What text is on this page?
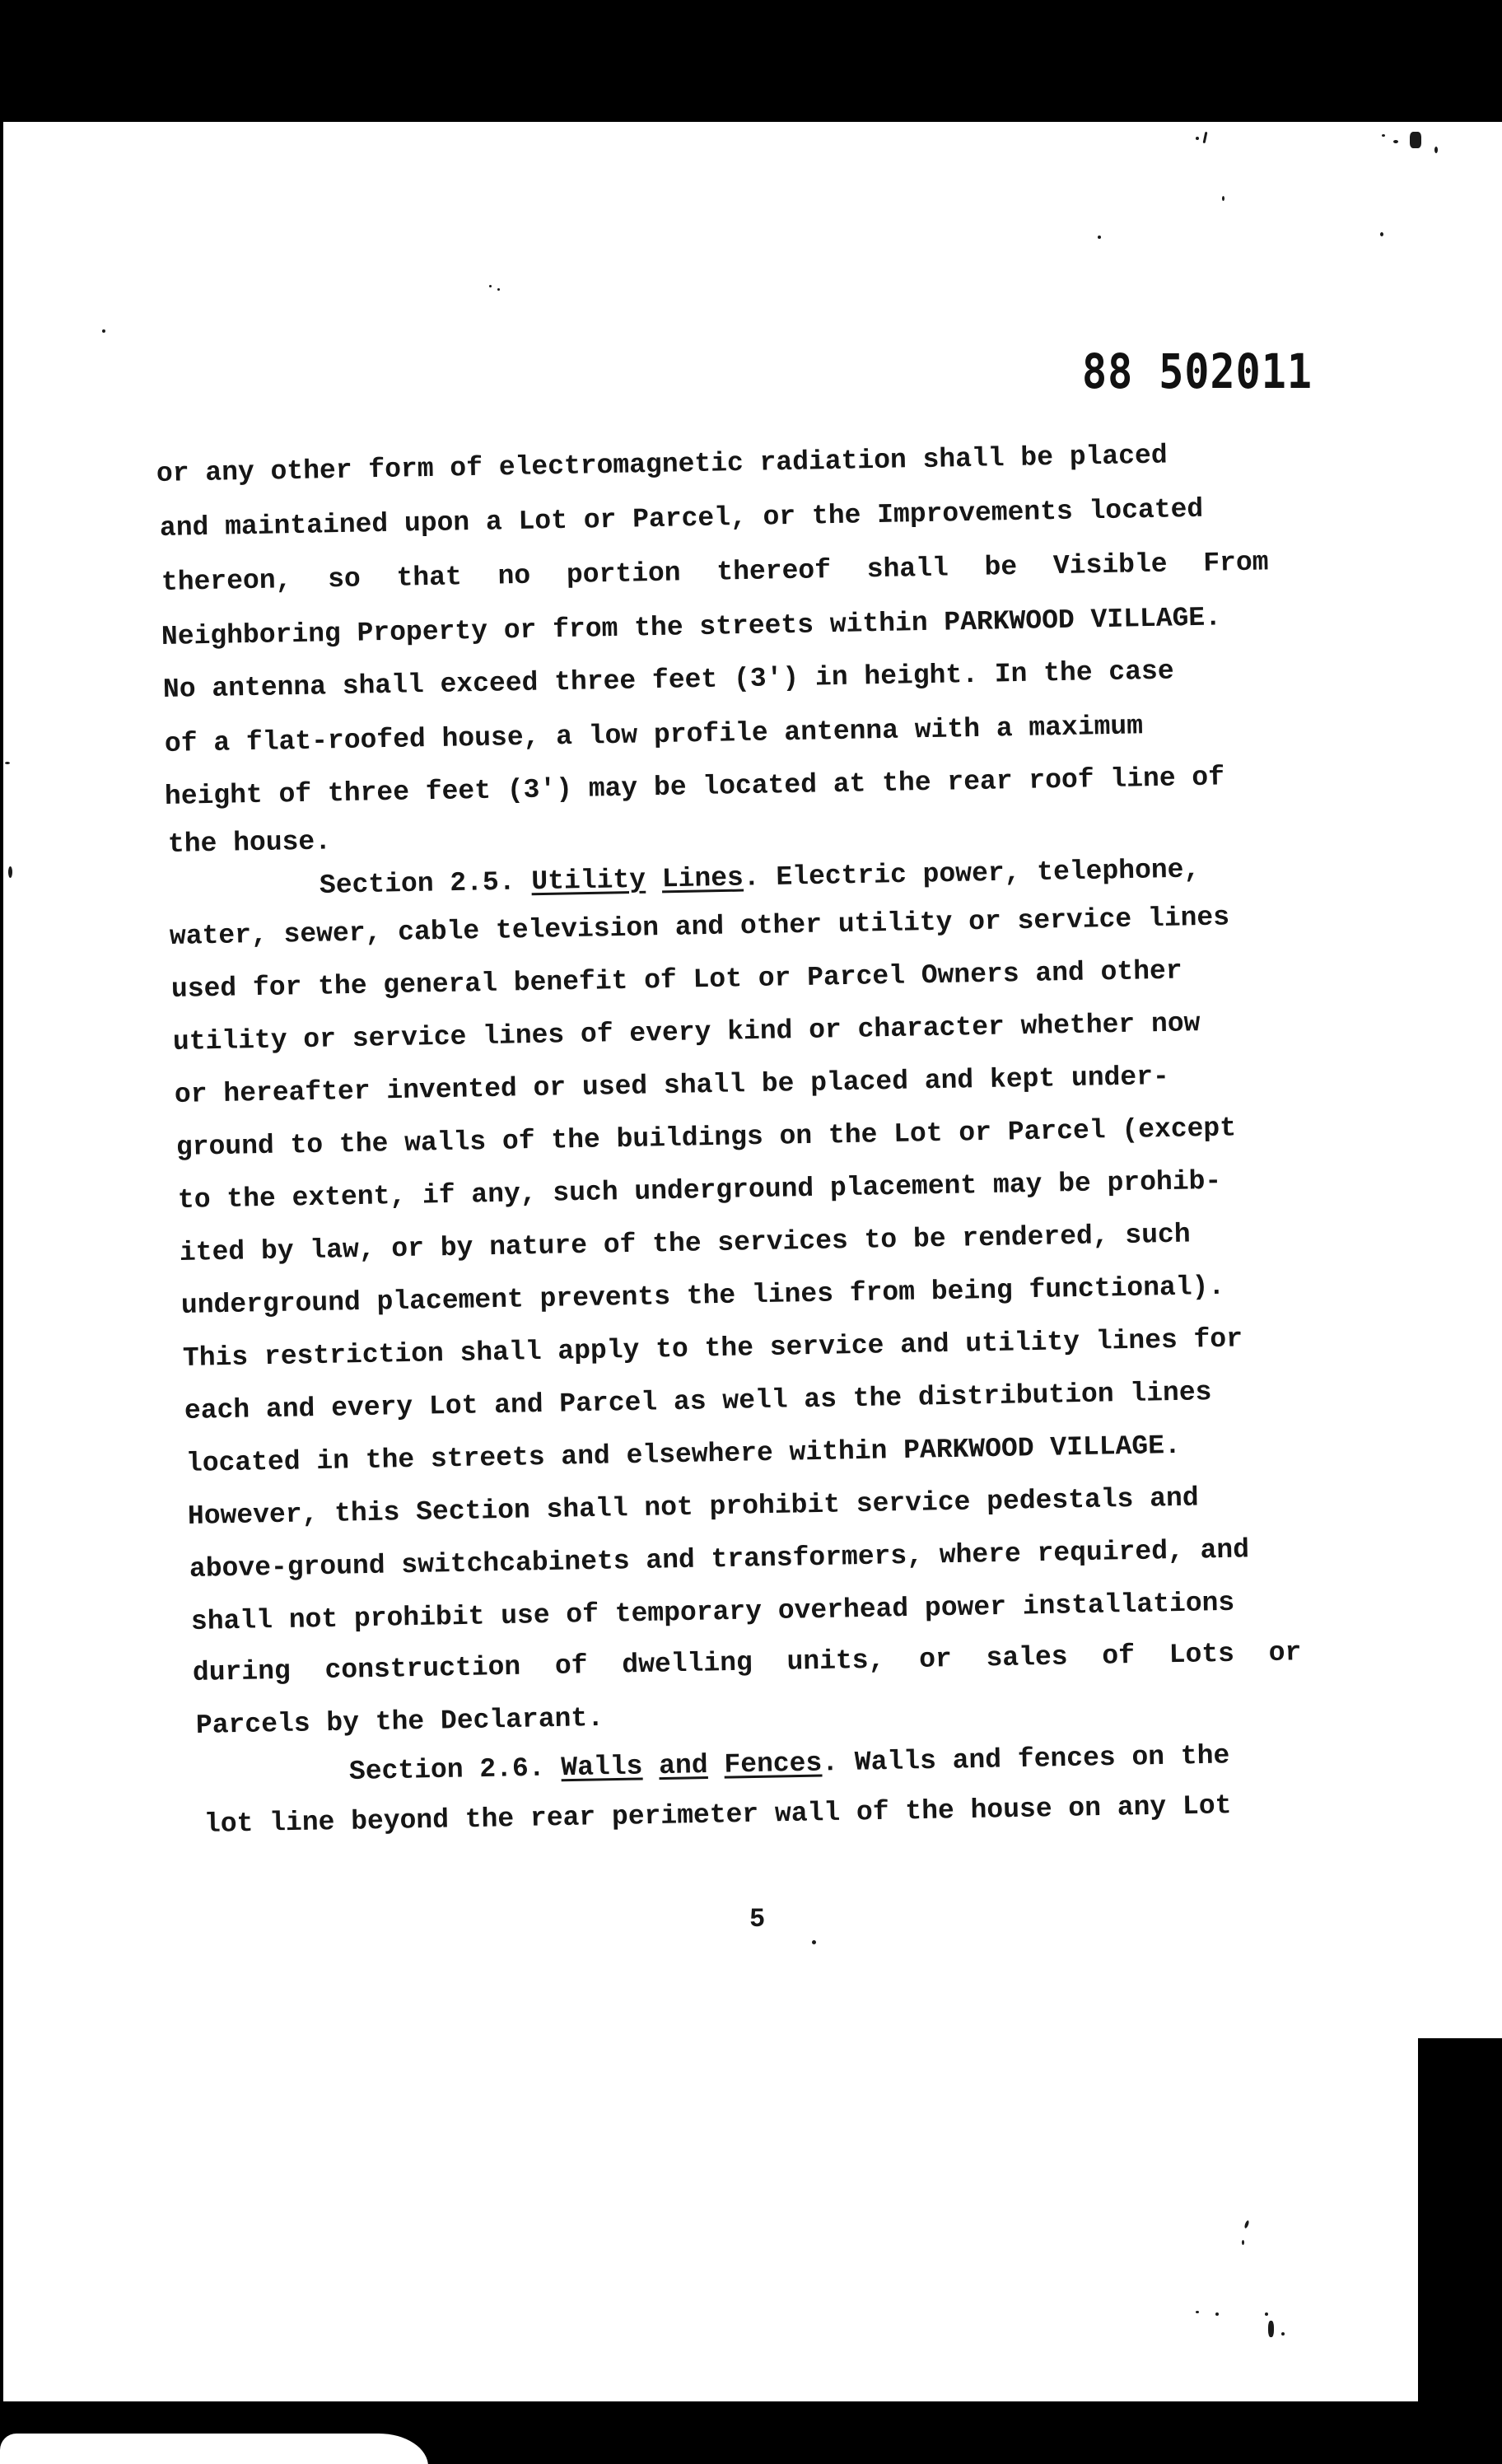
88 502011
or any other form of electromagnetic radiation shall be placed
and maintained upon a Lot or Parcel, or the Improvements located
thereon, so that no portion thereof shall be Visible From
Neighboring Property or from the streets within PARKWOOD VILLAGE.
No antenna shall exceed three feet (3') in height. In the case
of a flat-roofed house, a low profile antenna with a maximum
height of three feet (3') may be located at the rear roof line of
the house.
Section 2.5. Utility Lines. Electric power, telephone,
water, sewer, cable television and other utility or service lines
used for the general benefit of Lot or Parcel Owners and other
utility or service lines of every kind or character whether now
or hereafter invented or used shall be placed and kept under-
ground to the walls of the buildings on the Lot or Parcel (except
to the extent, if any, such underground placement may be prohib-
ited by law, or by nature of the services to be rendered, such
underground placement prevents the lines from being functional).
This restriction shall apply to the service and utility lines for
each and every Lot and Parcel as well as the distribution lines
located in the streets and elsewhere within PARKWOOD VILLAGE.
However, this Section shall not prohibit service pedestals and
above-ground switchcabinets and transformers, where required, and
shall not prohibit use of temporary overhead power installations
during construction of dwelling units, or sales of Lots or
Parcels by the Declarant.
Section 2.6. Walls and Fences. Walls and fences on the
lot line beyond the rear perimeter wall of the house on any Lot
5
